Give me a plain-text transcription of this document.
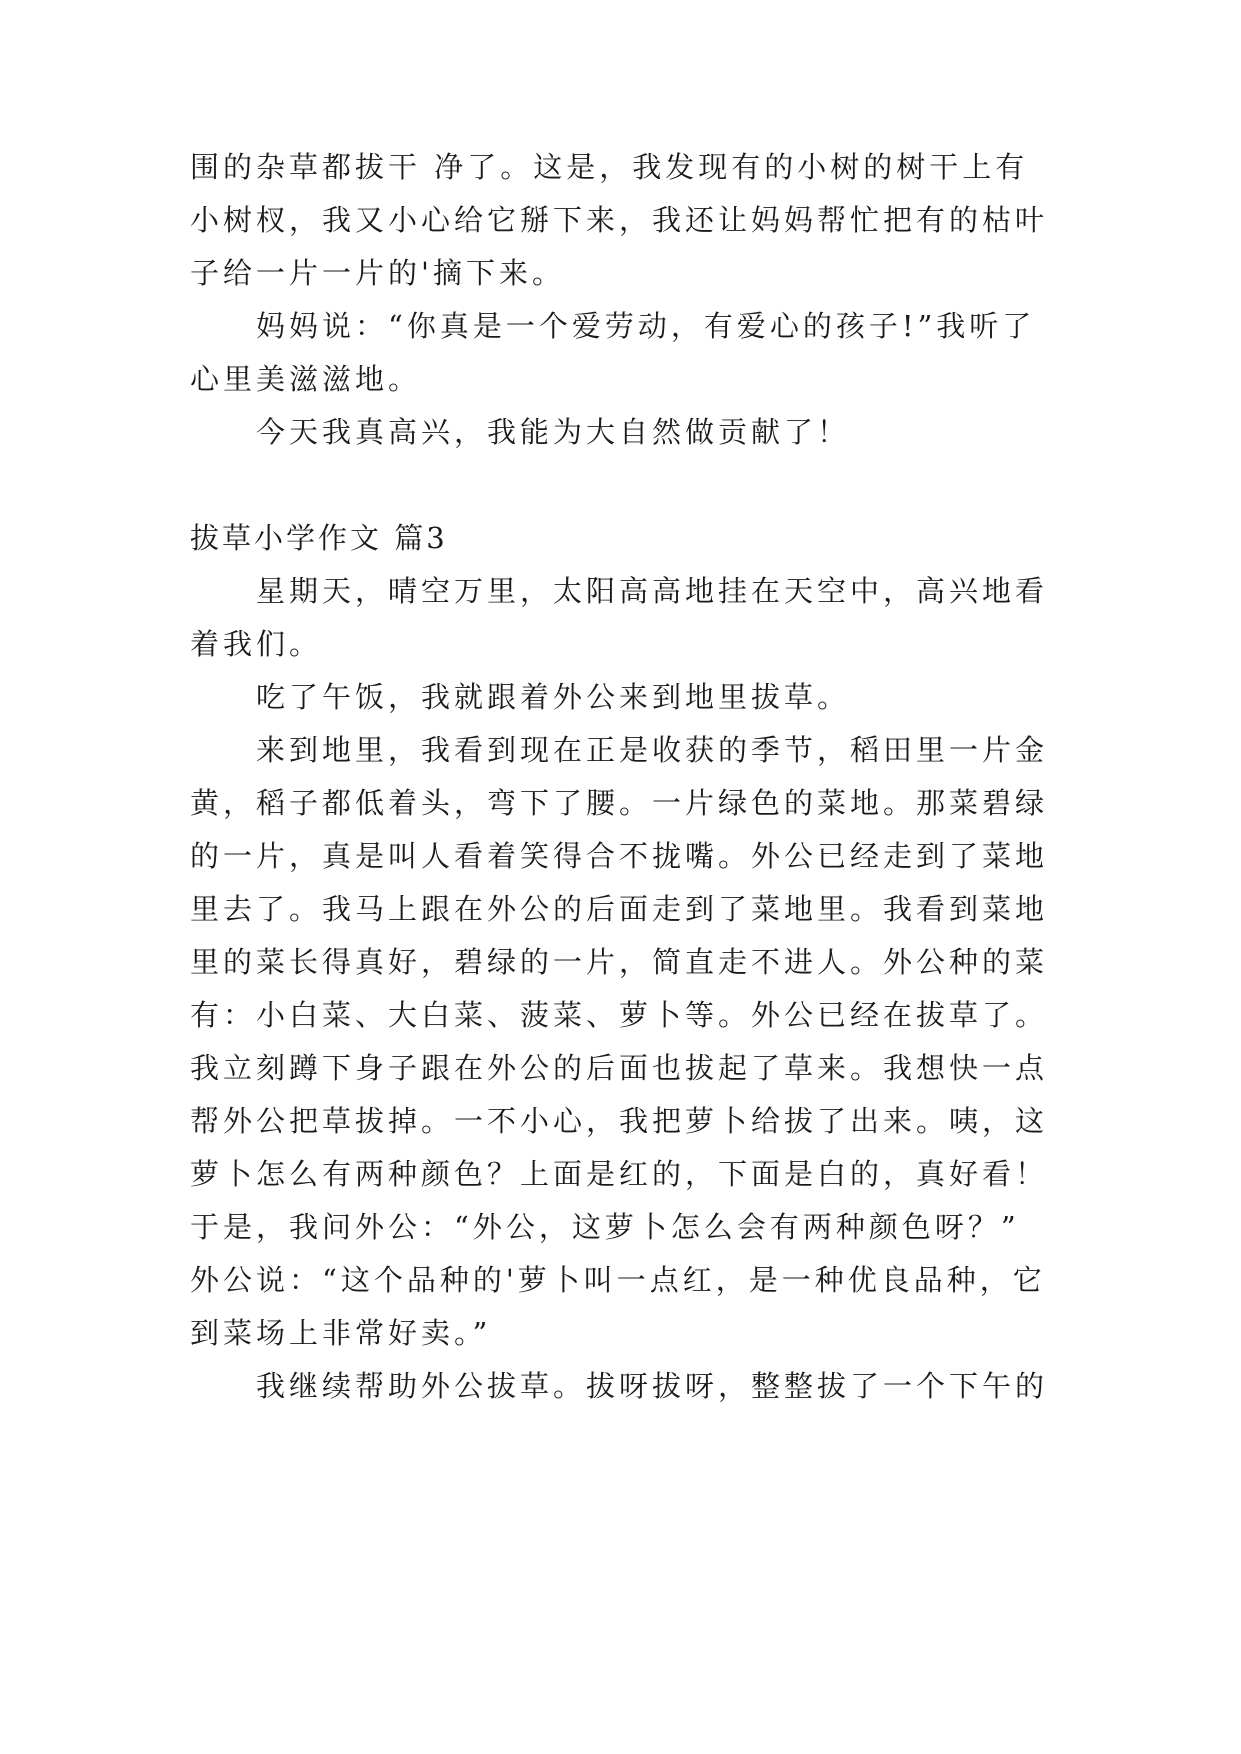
围的杂草都拔干 净了。这是，我发现有的小树的树干上有
小树杈，我又小心给它掰下来，我还让妈妈帮忙把有的枯叶
子给一片一片的'摘下来。
妈妈说：“你真是一个爱劳动，有爱心的孩子!”我听了
心里美滋滋地。
今天我真高兴，我能为大自然做贡献了！
拔草小学作文 篇3
星期天，晴空万里，太阳高高地挂在天空中，高兴地看
着我们。
吃了午饭，我就跟着外公来到地里拔草。
来到地里，我看到现在正是收获的季节，稻田里一片金
黄，稻子都低着头，弯下了腰。一片绿色的菜地。那菜碧绿
的一片，真是叫人看着笑得合不拢嘴。外公已经走到了菜地
里去了。我马上跟在外公的后面走到了菜地里。我看到菜地
里的菜长得真好，碧绿的一片，简直走不进人。外公种的菜
有：小白菜、大白菜、菠菜、萝卜等。外公已经在拔草了。
我立刻蹲下身子跟在外公的后面也拔起了草来。我想快一点
帮外公把草拔掉。一不小心，我把萝卜给拔了出来。咦，这
萝卜怎么有两种颜色？上面是红的，下面是白的，真好看！
于是，我问外公：“外公，这萝卜怎么会有两种颜色呀？”
外公说：“这个品种的'萝卜叫一点红，是一种优良品种，它
到菜场上非常好卖。”
我继续帮助外公拔草。拔呀拔呀，整整拔了一个下午的
